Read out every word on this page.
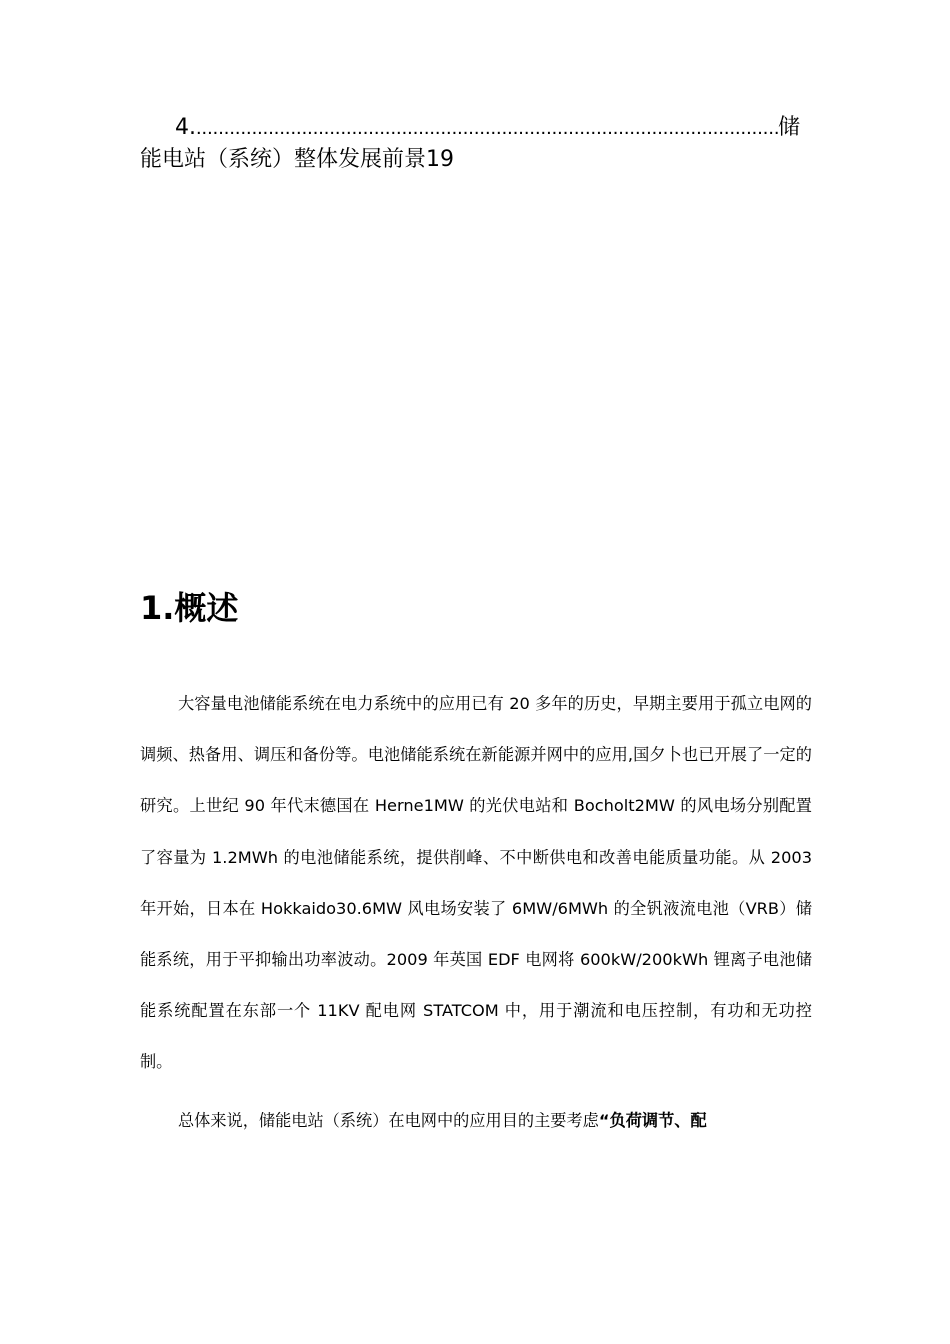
4.
.....	储
能电站（系统）整体发展前景19
1.概述

大容量电池储能系统在电力系统中的应用已有 20 多年的历史，早期主要用于孤立电网的调频、热备用、调压和备份等。电池储能系统在新能源并网中的应用,国夕卜也已开展了一定的研究。上世纪 90 年代末德国在 Herne1MW 的光伏电站和 Bocholt2MW 的风电场分别配置了容量为 1.2MWh 的电池储能系统，提供削峰、不中断供电和改善电能质量功能。从 2003 年开始，日本在 Hokkaido30.6MW 风电场安装了 6MW/6MWh 的全钒液流电池（VRB）储能系统，用于平抑输出功率波动。2009 年英国 EDF 电网将 600kW/200kWh 锂离子电池储能系统配置在东部一个 11KV 配电网 STATCOM 中，用于潮流和电压控制，有功和无功控制。

总体来说，储能电站（系统）在电网中的应用目的主要考虑“负荷调节、配
